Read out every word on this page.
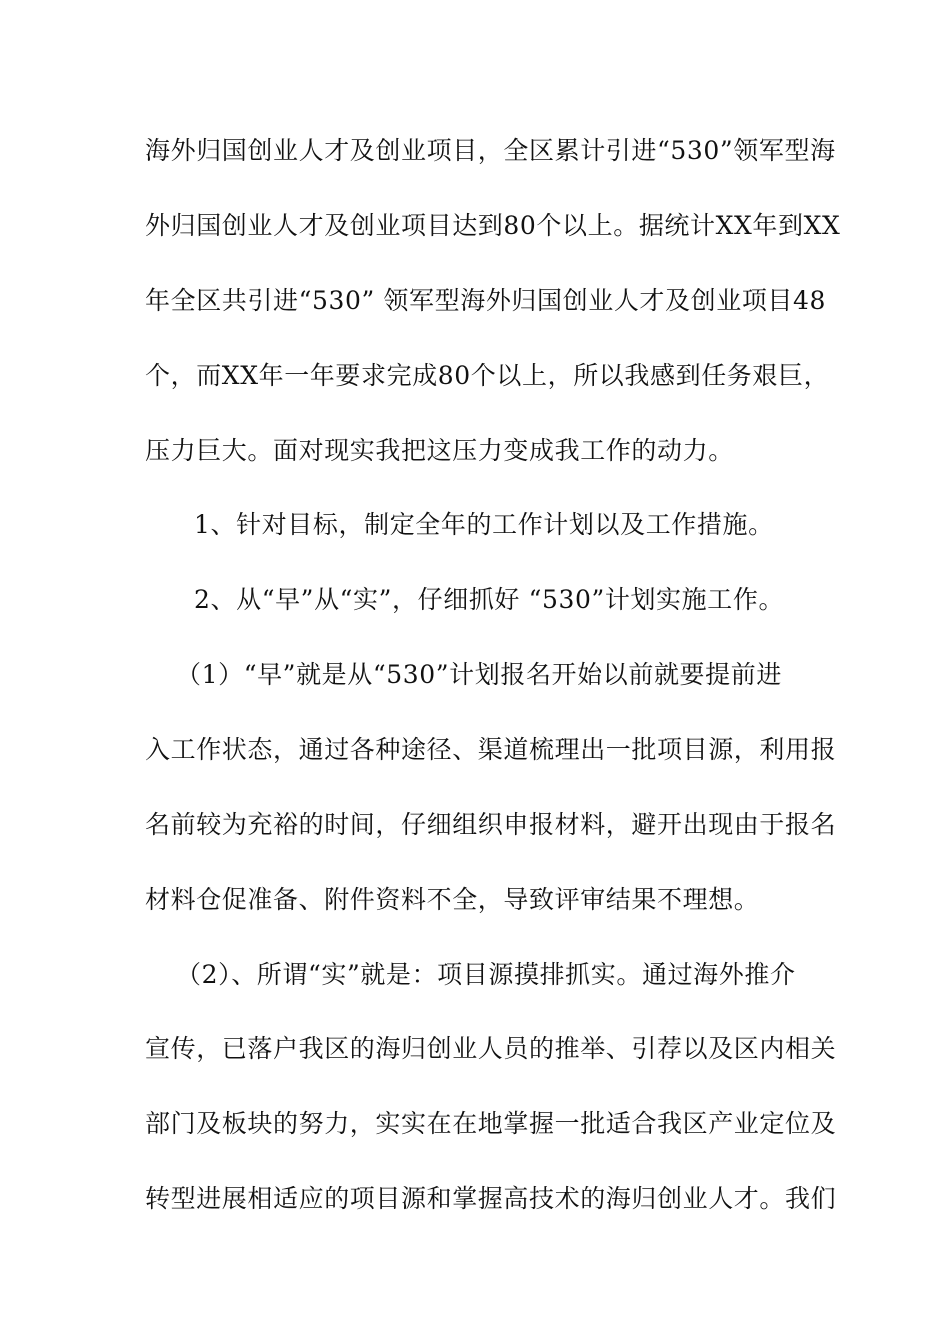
海外归国创业人才及创业项目，全区累计引进“530”领军型海
外归国创业人才及创业项目达到80个以上。据统计XX年到XX
年全区共引进“530” 领军型海外归国创业人才及创业项目48
个，而XX年一年要求完成80个以上，所以我感到任务艰巨，
压力巨大。面对现实我把这压力变成我工作的动力。
1、针对目标，制定全年的工作计划以及工作措施。
2、从“早”从“实”，仔细抓好 “530”计划实施工作。
（1）“早”就是从“530”计划报名开始以前就要提前进
入工作状态，通过各种途径、渠道梳理出一批项目源，利用报
名前较为充裕的时间，仔细组织申报材料，避开出现由于报名
材料仓促准备、附件资料不全，导致评审结果不理想。
（2）、所谓“实”就是：项目源摸排抓实。通过海外推介
宣传，已落户我区的海归创业人员的推举、引荐以及区内相关
部门及板块的努力，实实在在地掌握一批适合我区产业定位及
转型进展相适应的项目源和掌握高技术的海归创业人才。我们
